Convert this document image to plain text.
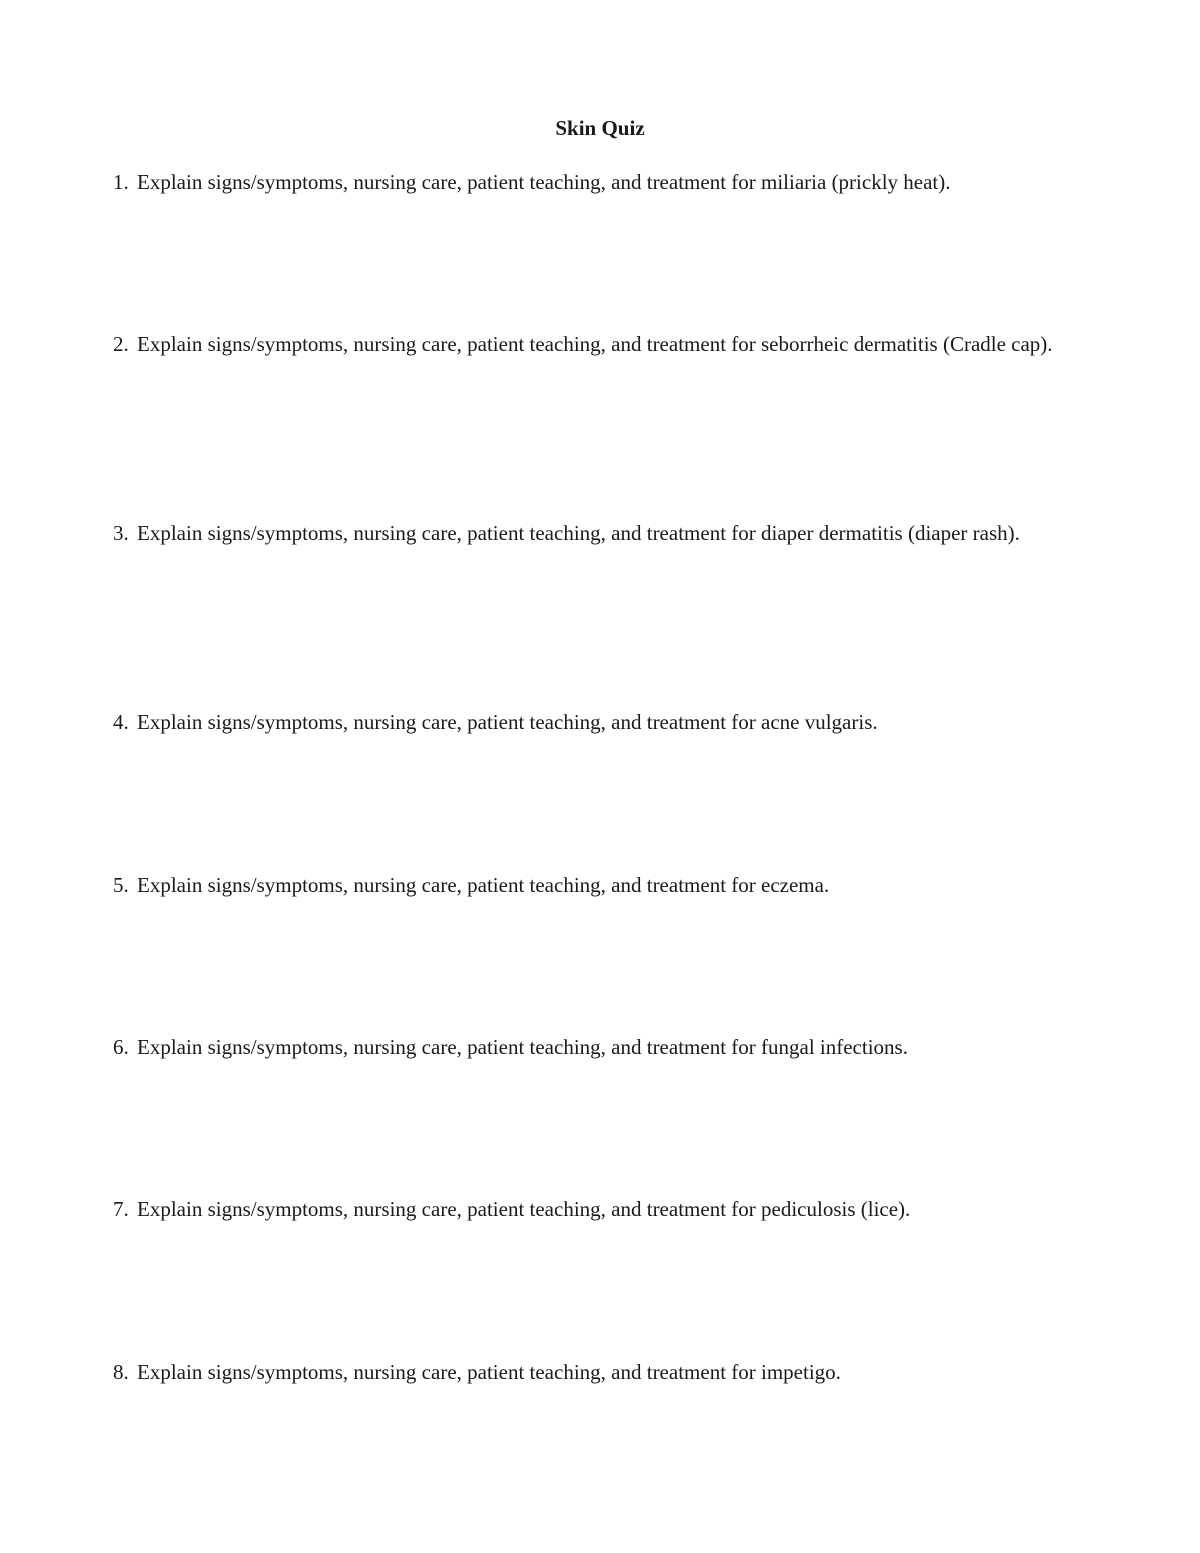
Skin Quiz
1. Explain signs/symptoms, nursing care, patient teaching, and treatment for miliaria (prickly heat).
2. Explain signs/symptoms, nursing care, patient teaching, and treatment for seborrheic dermatitis (Cradle cap).
3. Explain signs/symptoms, nursing care, patient teaching, and treatment for diaper dermatitis (diaper rash).
4. Explain signs/symptoms, nursing care, patient teaching, and treatment for acne vulgaris.
5. Explain signs/symptoms, nursing care, patient teaching, and treatment for eczema.
6. Explain signs/symptoms, nursing care, patient teaching, and treatment for fungal infections.
7. Explain signs/symptoms, nursing care, patient teaching, and treatment for pediculosis (lice).
8. Explain signs/symptoms, nursing care, patient teaching, and treatment for impetigo.
